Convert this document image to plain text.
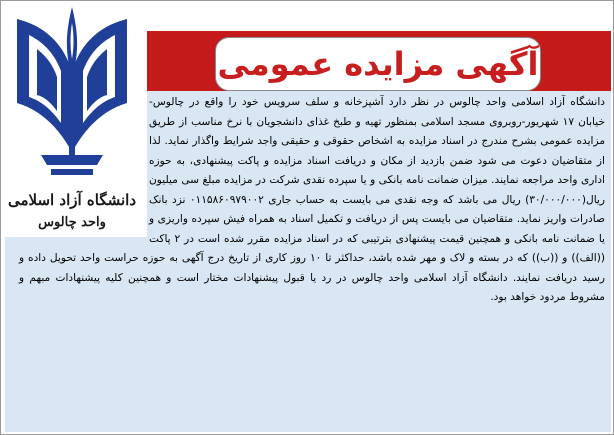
آگهی مزایده عمومی
دانشگاه آزاد اسلامی
واحد چالوس

دانشگاه آزاد اسلامی واحد چالوس در نظر دارد آشپزخانه و سلف سرویس خود را واقع در چالوس- خیابان ۱۷ شهریور-روبروی مسجد اسلامی بمنظور تهیه و طبخ غذای دانشجویان با نرخ مناسب از طریق مزایده عمومی بشرح مندرج در اسناد مزایده به اشخاص حقوقی و حقیقی واجد شرایط واگذار نماید. لذا از متقاضیان دعوت می شود ضمن بازدید از مکان و دریافت اسناد مزایده و پاکت پیشنهادی، به حوزه اداری واحد مراجعه نمایند. میزان ضمانت نامه بانکی و یا سپرده نقدی شرکت در مزایده مبلغ سی میلیون ریال(۳۰/۰۰۰/۰۰۰) ریال می باشد که وجه نقدی می بایست به حساب جاری ۰۱۱۵۸۶۰۹۷۹۰۰۲ نزد بانک صادرات واریز نماید. متقاضیان می بایست پس از دریافت و تکمیل اسناد به همراه فیش سپرده واریزی و یا ضمانت نامه بانکی و همچنین قیمت پیشنهادی بترتیبی که در اسناد مزایده مقرر شده است در ۲ پاکت ((الف)) و ((ب)) که در بسته و لاک و مهر شده باشد، حداکثر تا ۱۰ روز کاری از تاریخ درج آگهی به حوزه حراست واحد تحویل داده و رسید دریافت نمایند. دانشگاه آزاد اسلامی واحد چالوس در رد یا قبول پیشنهادات مختار است و همچنین کلیه پیشنهادات مبهم و مشروط مردود خواهد بود.
